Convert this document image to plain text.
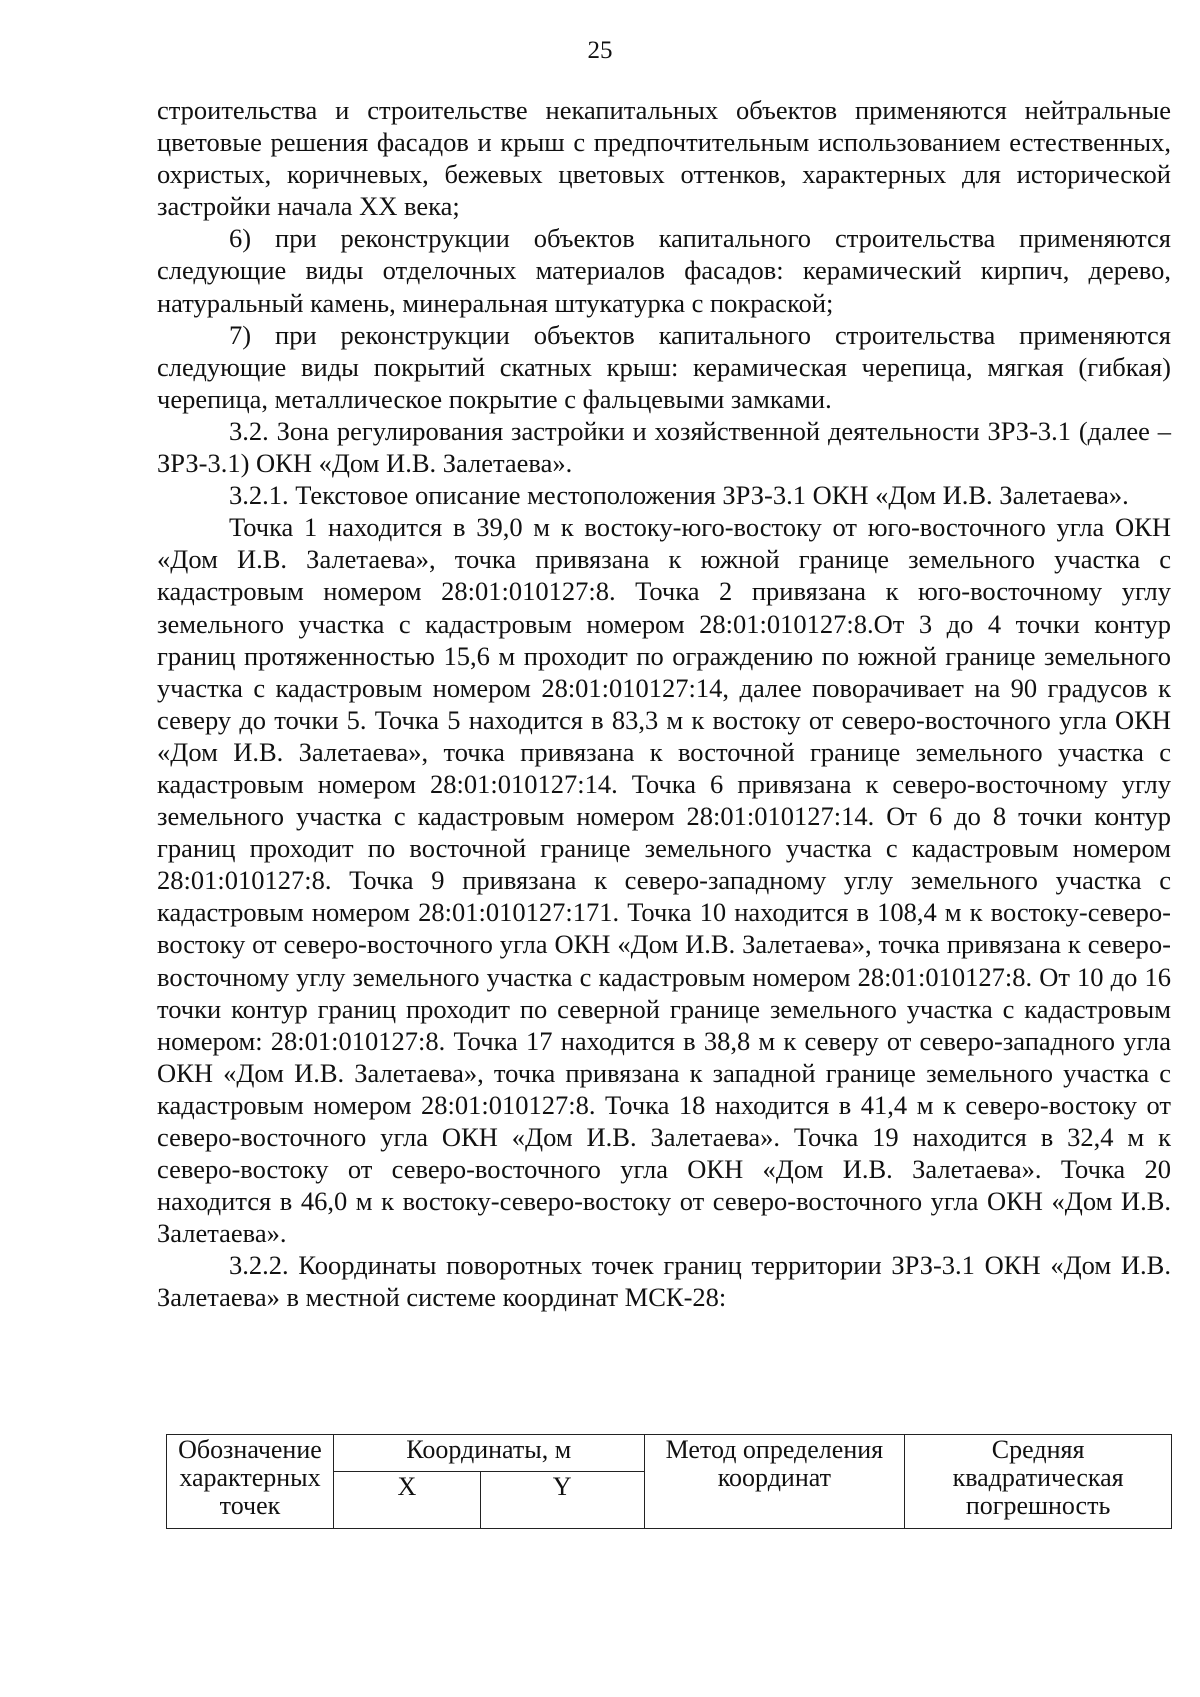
25

строительства и строительстве некапитальных объектов применяются нейтральные цветовые решения фасадов и крыш с предпочтительным использованием естественных, охристых, коричневых, бежевых цветовых оттенков, характерных для исторической застройки начала XX века;

6) при реконструкции объектов капитального строительства применяются следующие виды отделочных материалов фасадов: керамический кирпич, дерево, натуральный камень, минеральная штукатурка с покраской;

7) при реконструкции объектов капитального строительства применяются следующие виды покрытий скатных крыш: керамическая черепица, мягкая (гибкая) черепица, металлическое покрытие с фальцевыми замками.

3.2. Зона регулирования застройки и хозяйственной деятельности ЗРЗ-3.1 (далее – ЗРЗ-3.1) ОКН «Дом И.В. Залетаева».

3.2.1. Текстовое описание местоположения ЗРЗ-3.1 ОКН «Дом И.В. Залетаева».

Точка 1 находится в 39,0 м к востоку-юго-востоку от юго-восточного угла ОКН «Дом И.В. Залетаева», точка привязана к южной границе земельного участка с кадастровым номером 28:01:010127:8. Точка 2 привязана к юго-восточному углу земельного участка с кадастровым номером 28:01:010127:8.От 3 до 4 точки контур границ протяженностью 15,6 м проходит по ограждению по южной границе земельного участка с кадастровым номером 28:01:010127:14, далее поворачивает на 90 градусов к северу до точки 5. Точка 5 находится в 83,3 м к востоку от северо-восточного угла ОКН «Дом И.В. Залетаева», точка привязана к восточной границе земельного участка с кадастровым номером 28:01:010127:14. Точка 6 привязана к северо-восточному углу земельного участка с кадастровым номером 28:01:010127:14. От 6 до 8 точки контур границ проходит по восточной границе земельного участка с кадастровым номером 28:01:010127:8. Точка 9 привязана к северо-западному углу земельного участка с кадастровым номером 28:01:010127:171. Точка 10 находится в 108,4 м к востоку-северо-востоку от северо-восточного угла ОКН «Дом И.В. Залетаева», точка привязана к северо-восточному углу земельного участка с кадастровым номером 28:01:010127:8. От 10 до 16 точки контур границ проходит по северной границе земельного участка с кадастровым номером: 28:01:010127:8. Точка 17 находится в 38,8 м к северу от северо-западного угла ОКН «Дом И.В. Залетаева», точка привязана к западной границе земельного участка с кадастровым номером 28:01:010127:8. Точка 18 находится в 41,4 м к северо-востоку от северо-восточного угла ОКН «Дом И.В. Залетаева». Точка 19 находится в 32,4 м к северо-востоку от северо-восточного угла ОКН «Дом И.В. Залетаева». Точка 20 находится в 46,0 м к востоку-северо-востоку от северо-восточного угла ОКН «Дом И.В. Залетаева».

3.2.2. Координаты поворотных точек границ территории ЗРЗ-3.1 ОКН «Дом И.В. Залетаева» в местной системе координат МСК-28:

Обозначение характерных точек	Координаты, м		Метод определения координат	Средняя квадратическая погрешность
	X	Y		
